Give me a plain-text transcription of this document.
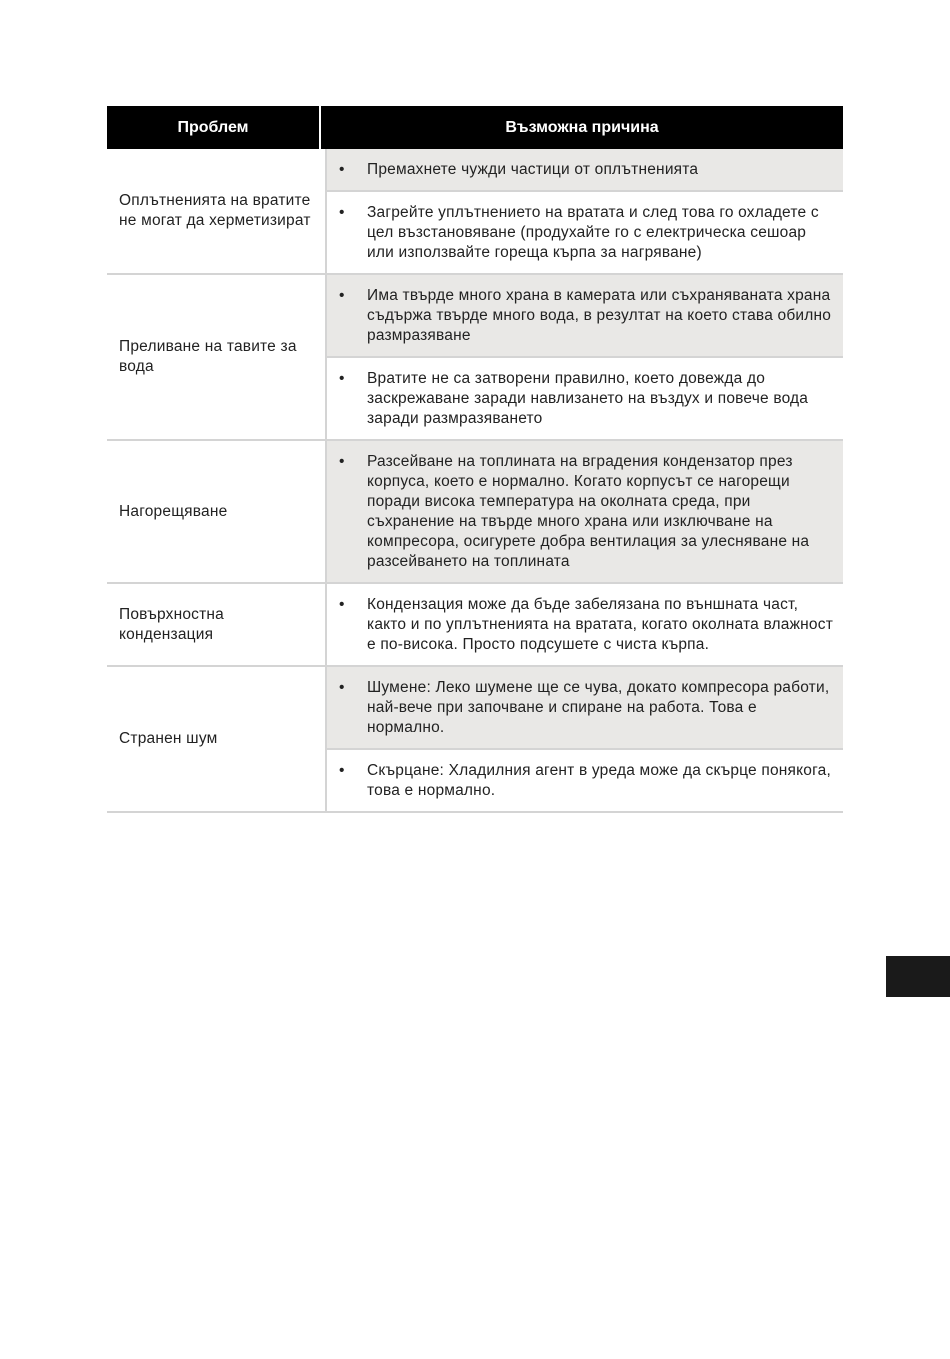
Проблем	Възможна причина
Оплътненията на вратите не могат да херметизират
•	Премахнете чужди частици от оплътненията
•	Загрейте уплътнението на вратата и след това го охладете с цел възстановяване (продухайте го с електрическа сешоар или използвайте гореща кърпа за нагряване)
Преливане на тавите за вода
•	Има твърде много храна в камерата или съхраняваната храна съдържа твърде много вода, в резултат на което става обилно размразяване
•	Вратите не са затворени правилно, което довежда до заскрежаване заради навлизането на въздух и повече вода заради размразяването
Нагорещяване
•	Разсейване на топлината на вградения кондензатор през корпуса, което е нормално. Когато корпусът се нагорещи поради висока температура на околната среда, при съхранение на твърде много храна или изключване на компресора, осигурете добра вентилация за улесняване на разсейването на топлината
Повърхностна кондензация
•	Кондензация може да бъде забелязана по външната част, както и по уплътненията на вратата, когато околната влажност е по-висока. Просто подсушете с чиста кърпа.
Странен шум
•	Шумене: Леко шумене ще се чува, докато компресора работи, най-вече при започване и спиране на работа. Това е нормално.
•	Скърцане: Хладилния агент в уреда може да скърце понякога, това е нормално.
